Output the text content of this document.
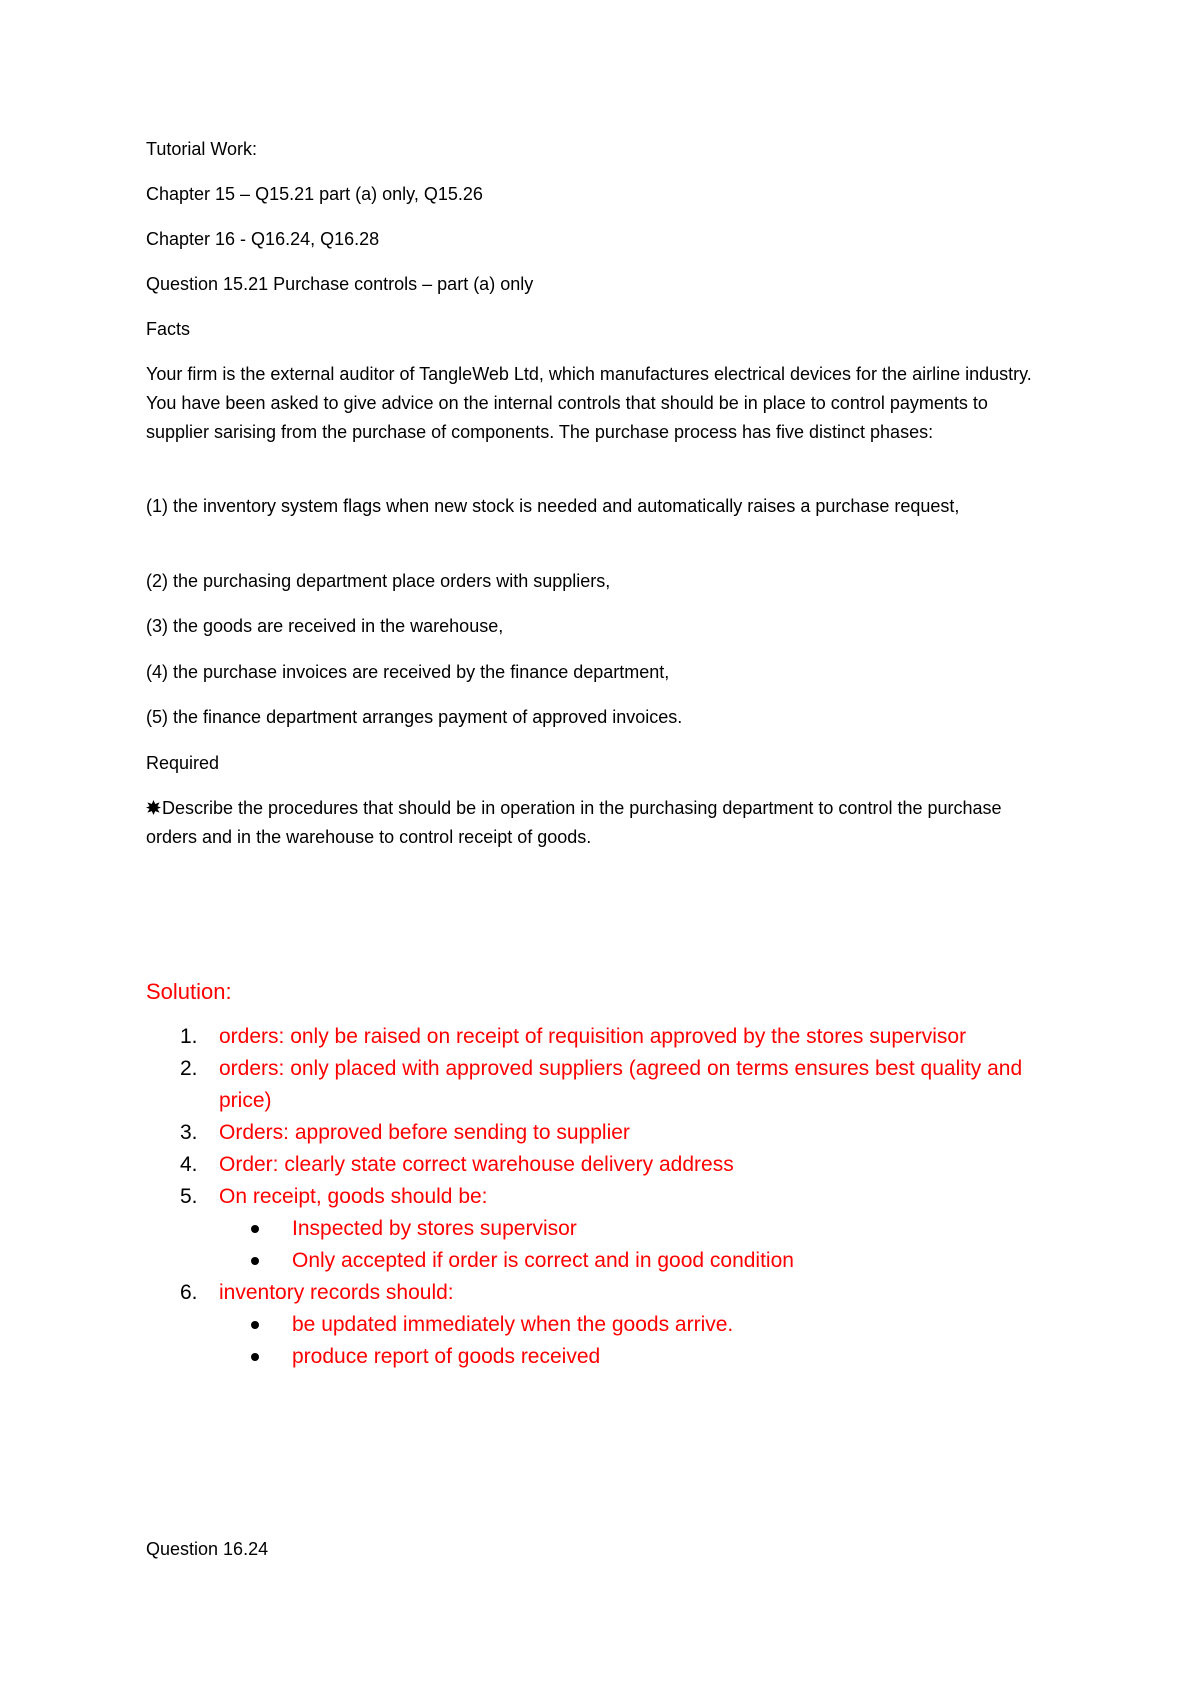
Tutorial Work:
Chapter 15 – Q15.21 part (a) only, Q15.26
Chapter 16 - Q16.24, Q16.28
Question 15.21 Purchase controls – part (a) only
Facts
Your firm is the external auditor of TangleWeb Ltd, which manufactures electrical devices for the airline industry. You have been asked to give advice on the internal controls that should be in place to control payments to supplier sarising from the purchase of components. The purchase process has five distinct phases:
(1) the inventory system flags when new stock is needed and automatically raises a purchase request,
(2) the purchasing department place orders with suppliers,
(3) the goods are received in the warehouse,
(4) the purchase invoices are received by the finance department,
(5) the finance department arranges payment of approved invoices.
Required
Describe the procedures that should be in operation in the purchasing department to control the purchase orders and in the warehouse to control receipt of goods.
Solution:
1. orders: only be raised on receipt of requisition approved by the stores supervisor
2. orders: only placed with approved suppliers (agreed on terms ensures best quality and price)
3. Orders: approved before sending to supplier
4. Order: clearly state correct warehouse delivery address
5. On receipt, goods should be:
Inspected by stores supervisor
Only accepted if order is correct and in good condition
6. inventory records should:
be updated immediately when the goods arrive.
produce report of goods received
Question 16.24
